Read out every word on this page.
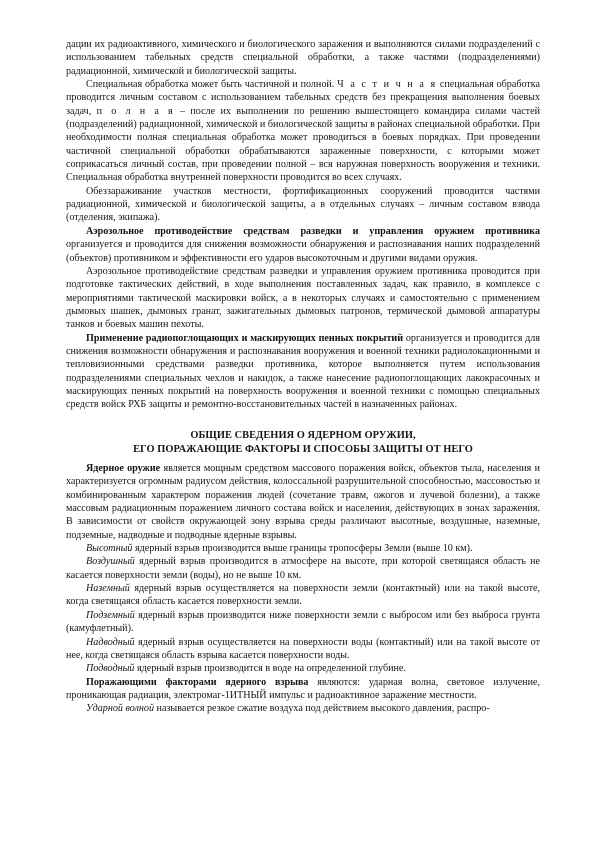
дации их радиоактивного, химического и биологического заражения и выполняются силами подразделений с использованием табельных средств специальной обработки, а также частями (подразделениями) радиационной, химической и биологической защиты.

Специальная обработка может быть частичной и полной. Ч а с т и ч н а я специальная обработка проводится личным составом с использованием табельных средств без прекращения выполнения боевых задач, п о л н а я – после их выполнения по решению вышестоящего командира силами частей (подразделений) радиационной, химической и биологической защиты в районах специальной обработки. При необходимости полная специальная обработка может проводиться в боевых порядках. При проведении частичной специальной обработки обрабатываются зараженные поверхности, с которыми может соприкасаться личный состав, при проведении полной – вся наружная поверхность вооружения и техники. Специальная обработка внутренней поверхности проводится во всех случаях.

Обеззараживание участков местности, фортификационных сооружений проводится частями радиационной, химической и биологической защиты, а в отдельных случаях – личным составом взвода (отделения, экипажа).

Аэрозольное противодействие средствам разведки и управления оружием противника организуется и проводится для снижения возможности обнаружения и распознавания наших подразделений (объектов) противником и эффективности его ударов высокоточным и другими видами оружия.

Аэрозольное противодействие средствам разведки и управления оружием противника проводится при подготовке тактических действий, в ходе выполнения поставленных задач, как правило, в комплексе с мероприятиями тактической маскировки войск, а в некоторых случаях и самостоятельно с применением дымовых шашек, дымовых гранат, зажигательных дымовых патронов, термической дымовой аппаратуры танков и боевых машин пехоты.

Применение радиопоглощающих и маскирующих пенных покрытий организуется и проводится для снижения возможности обнаружения и распознавания вооружения и военной техники радиолокационными и тепловизионными средствами разведки противника, которое выполняется путем использования подразделениями специальных чехлов и накидок, а также нанесение радиопоглощающих лакокрасочных и маскирующих пенных покрытий на поверхность вооружения и военной техники с помощью специальных средств войск РХБ защиты и ремонтно-восстановительных частей в назначенных районах.

ОБЩИЕ СВЕДЕНИЯ О ЯДЕРНОМ ОРУЖИИ,
ЕГО ПОРАЖАЮЩИЕ ФАКТОРЫ И СПОСОБЫ ЗАЩИТЫ ОТ НЕГО

Ядерное оружие является мощным средством массового поражения войск, объектов тыла, населения и характеризуется огромным радиусом действия, колоссальной разрушительной способностью, массовостью и комбинированным характером поражения людей (сочетание травм, ожогов и лучевой болезни), а также массовым радиационным поражением личного состава войск и населения, действующих в зонах заражения. В зависимости от свойств окружающей зону взрыва среды различают высотные, воздушные, наземные, подземные, надводные и подводные ядерные взрывы.

Высотный ядерный взрыв производится выше границы тропосферы Земли (выше 10 км).

Воздушный ядерный взрыв производится в атмосфере на высоте, при которой светящаяся область не касается поверхности земли (воды), но не выше 10 км.

Наземный ядерный взрыв осуществляется на поверхности земли (контактный) или на такой высоте, когда светящаяся область касается поверхности земли.

Подземный ядерный взрыв производится ниже поверхности земли с выбросом или без выброса грунта (камуфлетный).

Надводный ядерный взрыв осуществляется на поверхности воды (контактный) или на такой высоте от нее, когда светящаяся область взрыва касается поверхности воды.

Подводный ядерный взрыв производится в воде на определенной глубине.

Поражающими факторами ядерного взрыва являются: ударная волна, световое излучение, проникающая радиация, электромаг-1ИТНЫЙ импульс и радиоактивное заражение местности.

Ударной волной называется резкое сжатие воздуха под действием высокого давления, распро-
